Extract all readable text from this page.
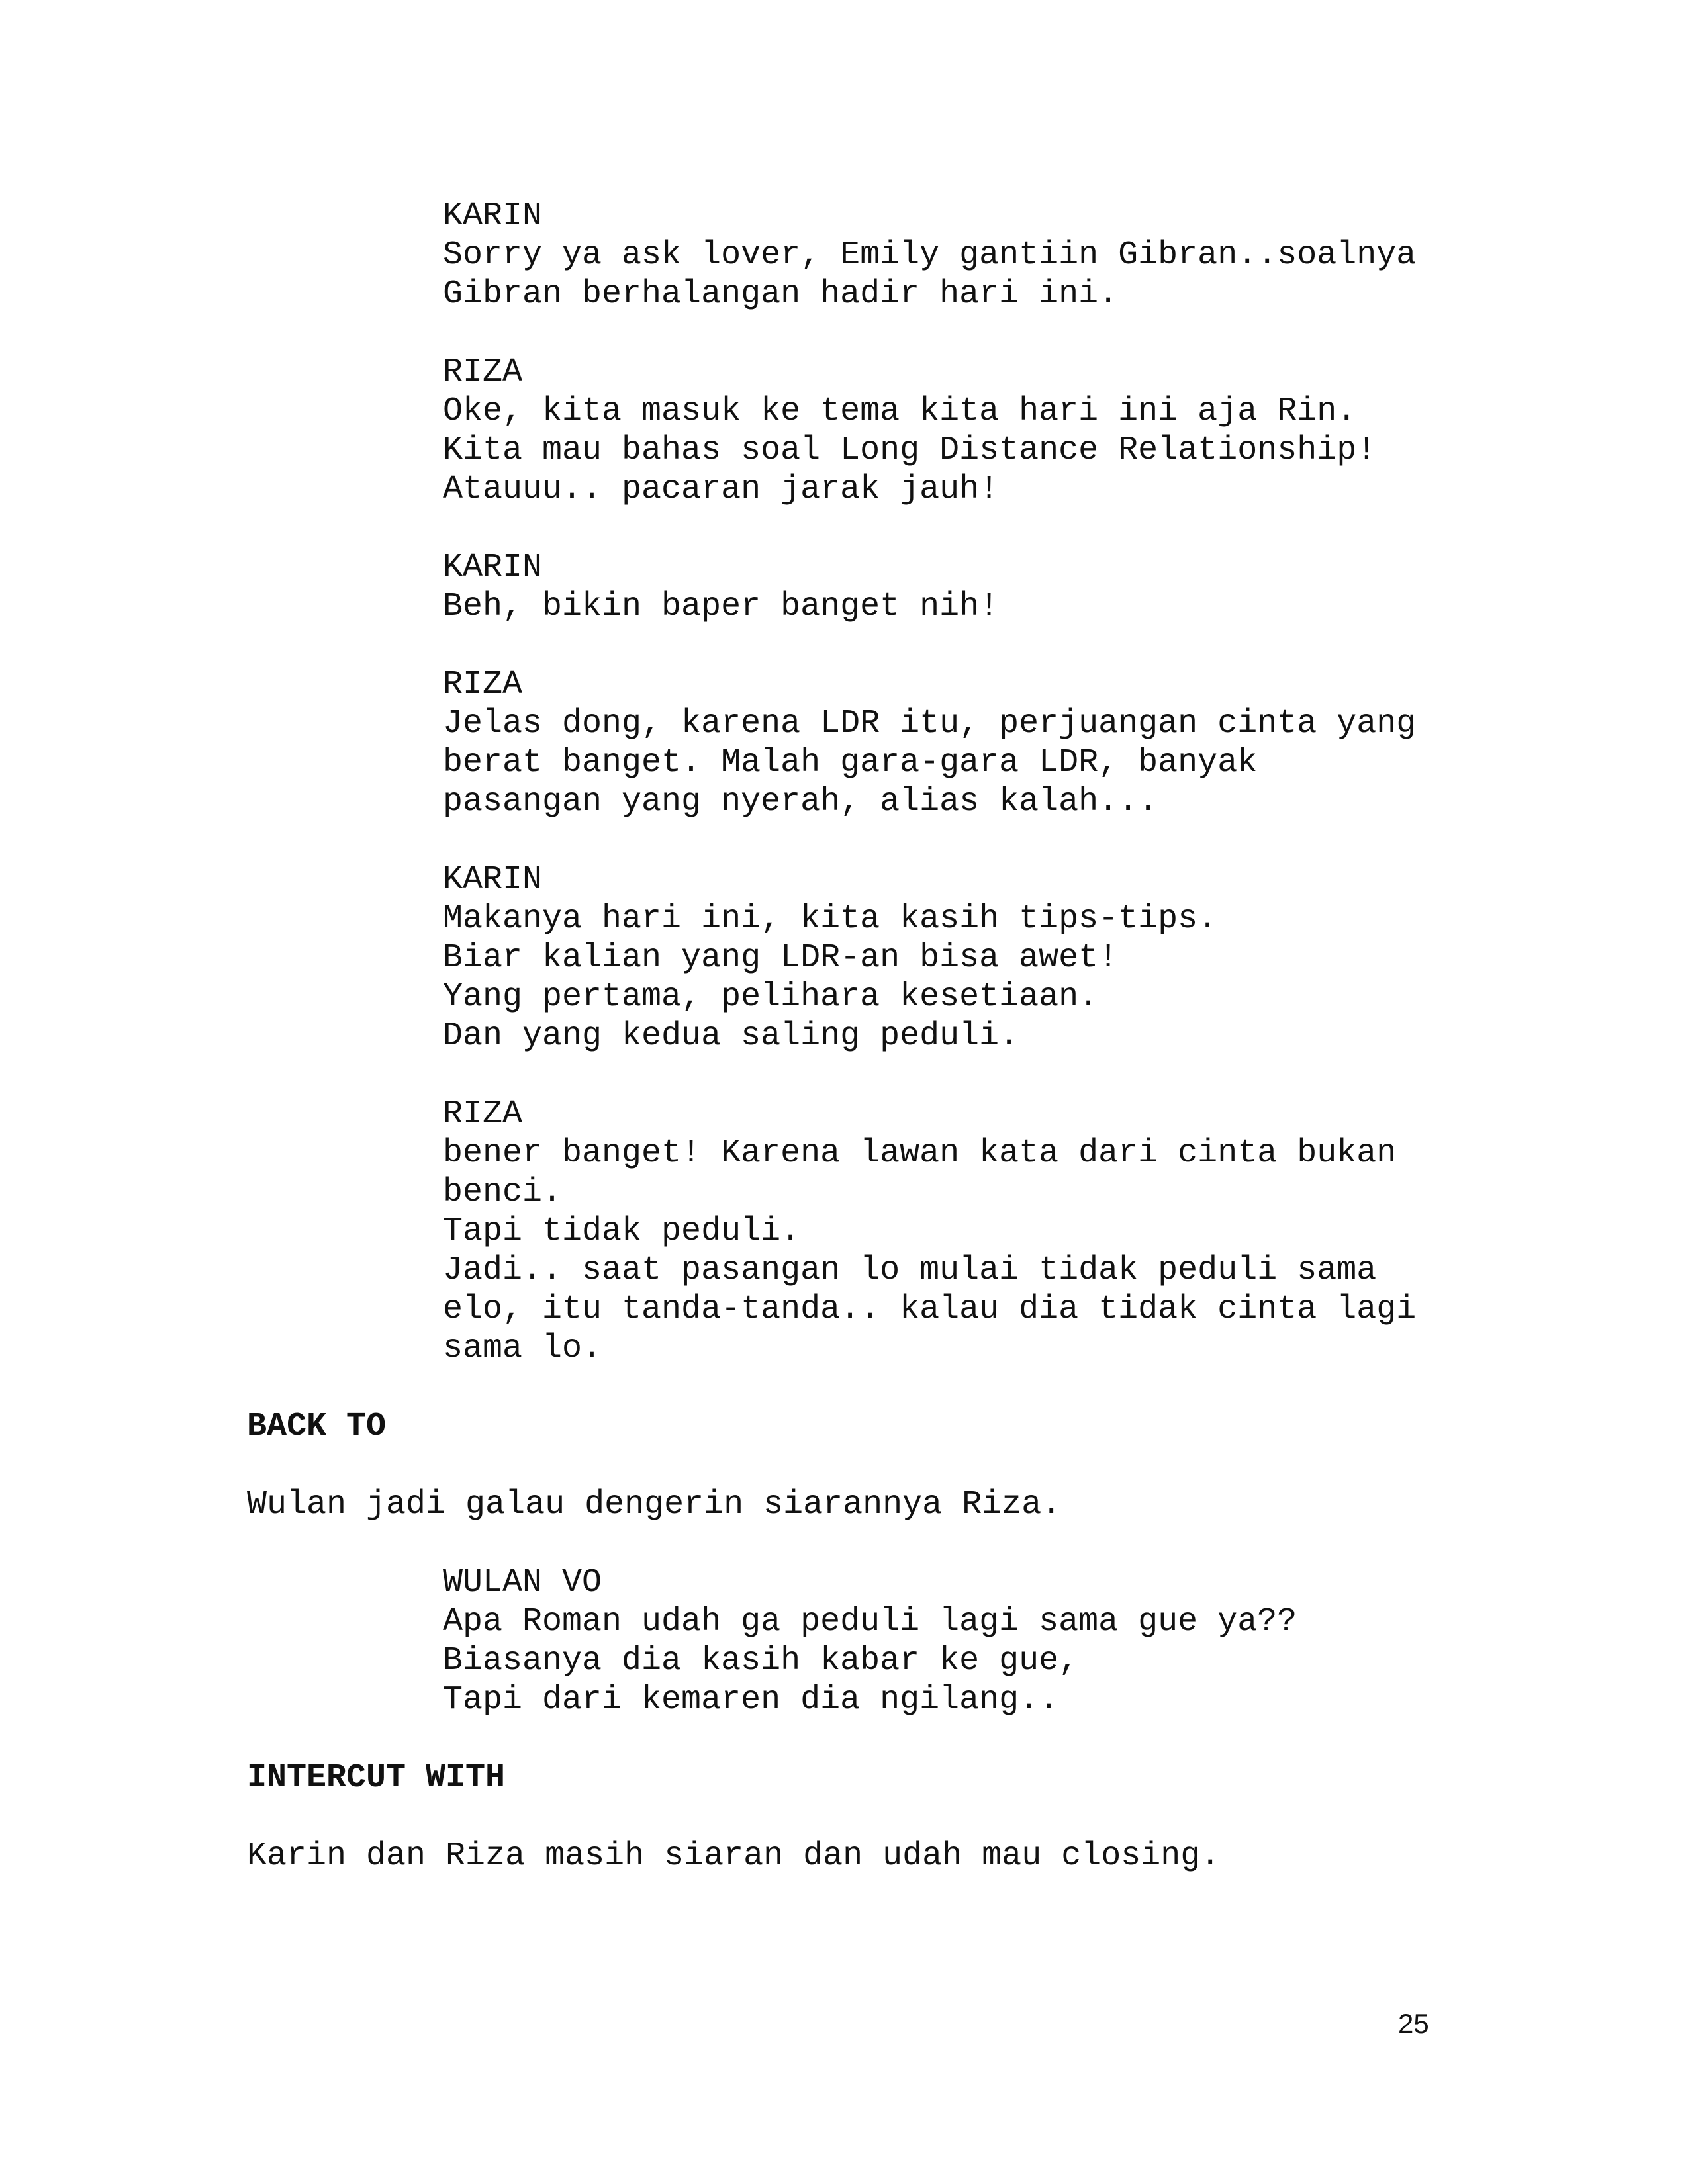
KARIN
Sorry ya ask lover, Emily gantiin Gibran..soalnya
Gibran berhalangan hadir hari ini.
RIZA
Oke, kita masuk ke tema kita hari ini aja Rin.
Kita mau bahas soal Long Distance Relationship!
Atauuu.. pacaran jarak jauh!
KARIN
Beh, bikin baper banget nih!
RIZA
Jelas dong, karena LDR itu, perjuangan cinta yang
berat banget. Malah gara-gara LDR, banyak
pasangan yang nyerah, alias kalah...
KARIN
Makanya hari ini, kita kasih tips-tips.
Biar kalian yang LDR-an bisa awet!
Yang pertama, pelihara kesetiaan.
Dan yang kedua saling peduli.
RIZA
bener banget! Karena lawan kata dari cinta bukan
benci.
Tapi tidak peduli.
Jadi.. saat pasangan lo mulai tidak peduli sama
elo, itu tanda-tanda.. kalau dia tidak cinta lagi
sama lo.
BACK TO
Wulan jadi galau dengerin siarannya Riza.
WULAN VO
Apa Roman udah ga peduli lagi sama gue ya??
Biasanya dia kasih kabar ke gue,
Tapi dari kemaren dia ngilang..
INTERCUT WITH
Karin dan Riza masih siaran dan udah mau closing.
25
